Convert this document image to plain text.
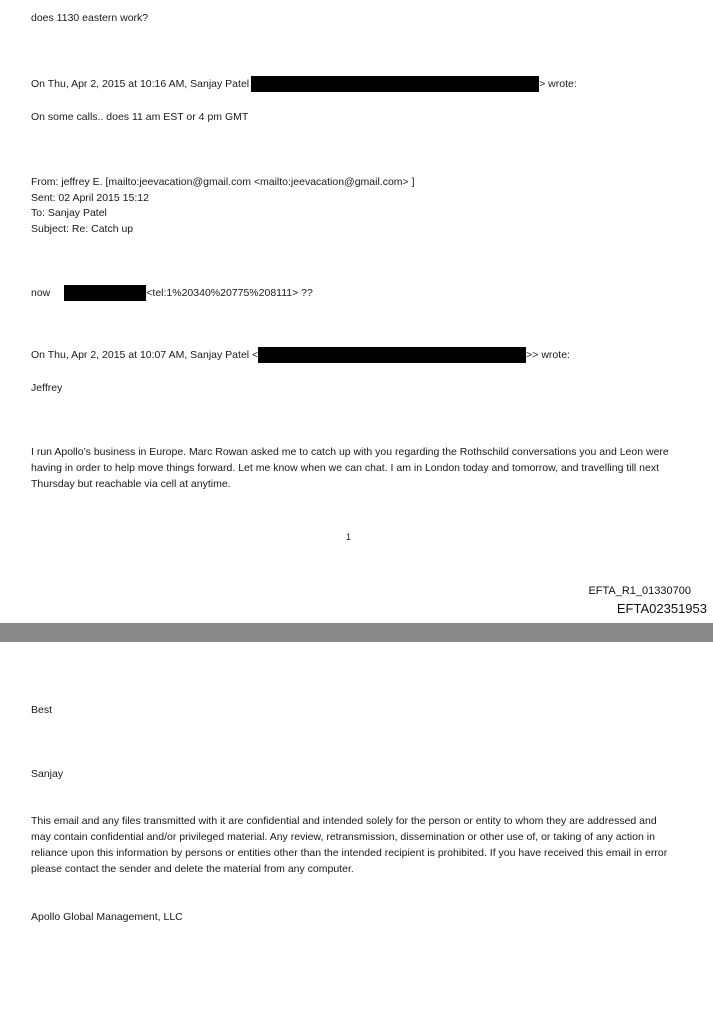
does 1130 eastern work?
On Thu, Apr 2, 2015 at 10:16 AM, Sanjay Patel	> wrote:
On some calls.. does 11 am EST or 4 pm GMT
From: jeffrey E. [mailto:jeevacation@gmail.com <mailto:jeevacation@gmail.com> ]
Sent: 02 April 2015 15:12
To: Sanjay Patel
Subject: Re: Catch up
now	<tel:1%20340%20775%208111> ??
On Thu, Apr 2, 2015 at 10:07 AM, Sanjay Patel <	>> wrote:
Jeffrey
I run Apollo’s business in Europe. Marc Rowan asked me to catch up with you regarding the Rothschild conversations you and Leon were having in order to help move things forward. Let me know when we can chat. I am in London today and tomorrow, and travelling till next Thursday but reachable via cell at anytime.
1
EFTA_R1_01330700
EFTA02351953
Best
Sanjay
This email and any files transmitted with it are confidential and intended solely for the person or entity to whom they are addressed and may contain confidential and/or privileged material. Any review, retransmission, dissemination or other use of, or taking of any action in reliance upon this information by persons or entities other than the intended recipient is prohibited. If you have received this email in error please contact the sender and delete the material from any computer.
Apollo Global Management, LLC
